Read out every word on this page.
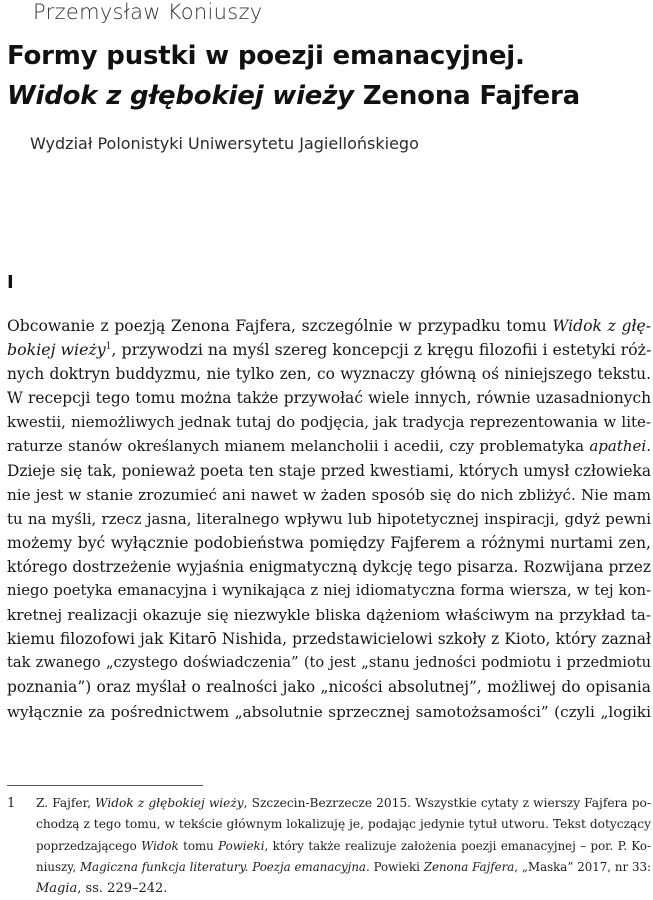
Przemysław Koniuszy
Formy pustki w poezji emanacyjnej.
Widok z głębokiej wieży Zenona Fajfera
Wydział Polonistyki Uniwersytetu Jagiellońskiego
I
Obcowanie z poezją Zenona Fajfera, szczególnie w przypadku tomu Widok z głę-
bokiej wieży$^1$, przywodzi na myśl szereg koncepcji z kręgu filozofii i estetyki róż-
nych doktryn buddyzmu, nie tylko zen, co wyznaczy główną oś niniejszego tekstu.
W recepcji tego tomu można także przywołać wiele innych, równie uzasadnionych
kwestii, niemożliwych jednak tutaj do podjęcia, jak tradycja reprezentowania w lite-
raturze stanów określanych mianem melancholii i acedii, czy problematyka apathei.
Dzieje się tak, ponieważ poeta ten staje przed kwestiami, których umysł człowieka
nie jest w stanie zrozumieć ani nawet w żaden sposób się do nich zbliżyć. Nie mam
tu na myśli, rzecz jasna, literalnego wpływu lub hipotetycznej inspiracji, gdyż pewni
możemy być wyłącznie podobieństwa pomiędzy Fajferem a różnymi nurtami zen,
którego dostrzeżenie wyjaśnia enigmatyczną dykcję tego pisarza. Rozwijana przez
niego poetyka emanacyjna i wynikająca z niej idiomatyczna forma wiersza, w tej kon-
kretnej realizacji okazuje się niezwykle bliska dążeniom właściwym na przykład ta-
kiemu filozofowi jak Kitarō Nishida, przedstawicielowi szkoły z Kioto, który zaznał
tak zwanego „czystego doświadczenia” (to jest „stanu jedności podmiotu i przedmiotu
poznania”) oraz myślał o realności jako „nicości absolutnej”, możliwej do opisania
wyłącznie za pośrednictwem „absolutnie sprzecznej samotożsamości” (czyli „logiki
1 Z. Fajfer, Widok z głębokiej wieży, Szczecin-Bezrzecze 2015. Wszystkie cytaty z wierszy Fajfera po-
chodzą z tego tomu, w tekście głównym lokalizuję je, podając jedynie tytuł utworu. Tekst dotyczący
poprzedzającego Widok tomu Powieki, który także realizuje założenia poezji emanacyjnej – por. P. Ko-
niuszy, Magiczna funkcja literatury. Poezja emanacyjna. Powieki Zenona Fajfera, „Maska” 2017, nr 33:
Magia, ss. 229–242.
